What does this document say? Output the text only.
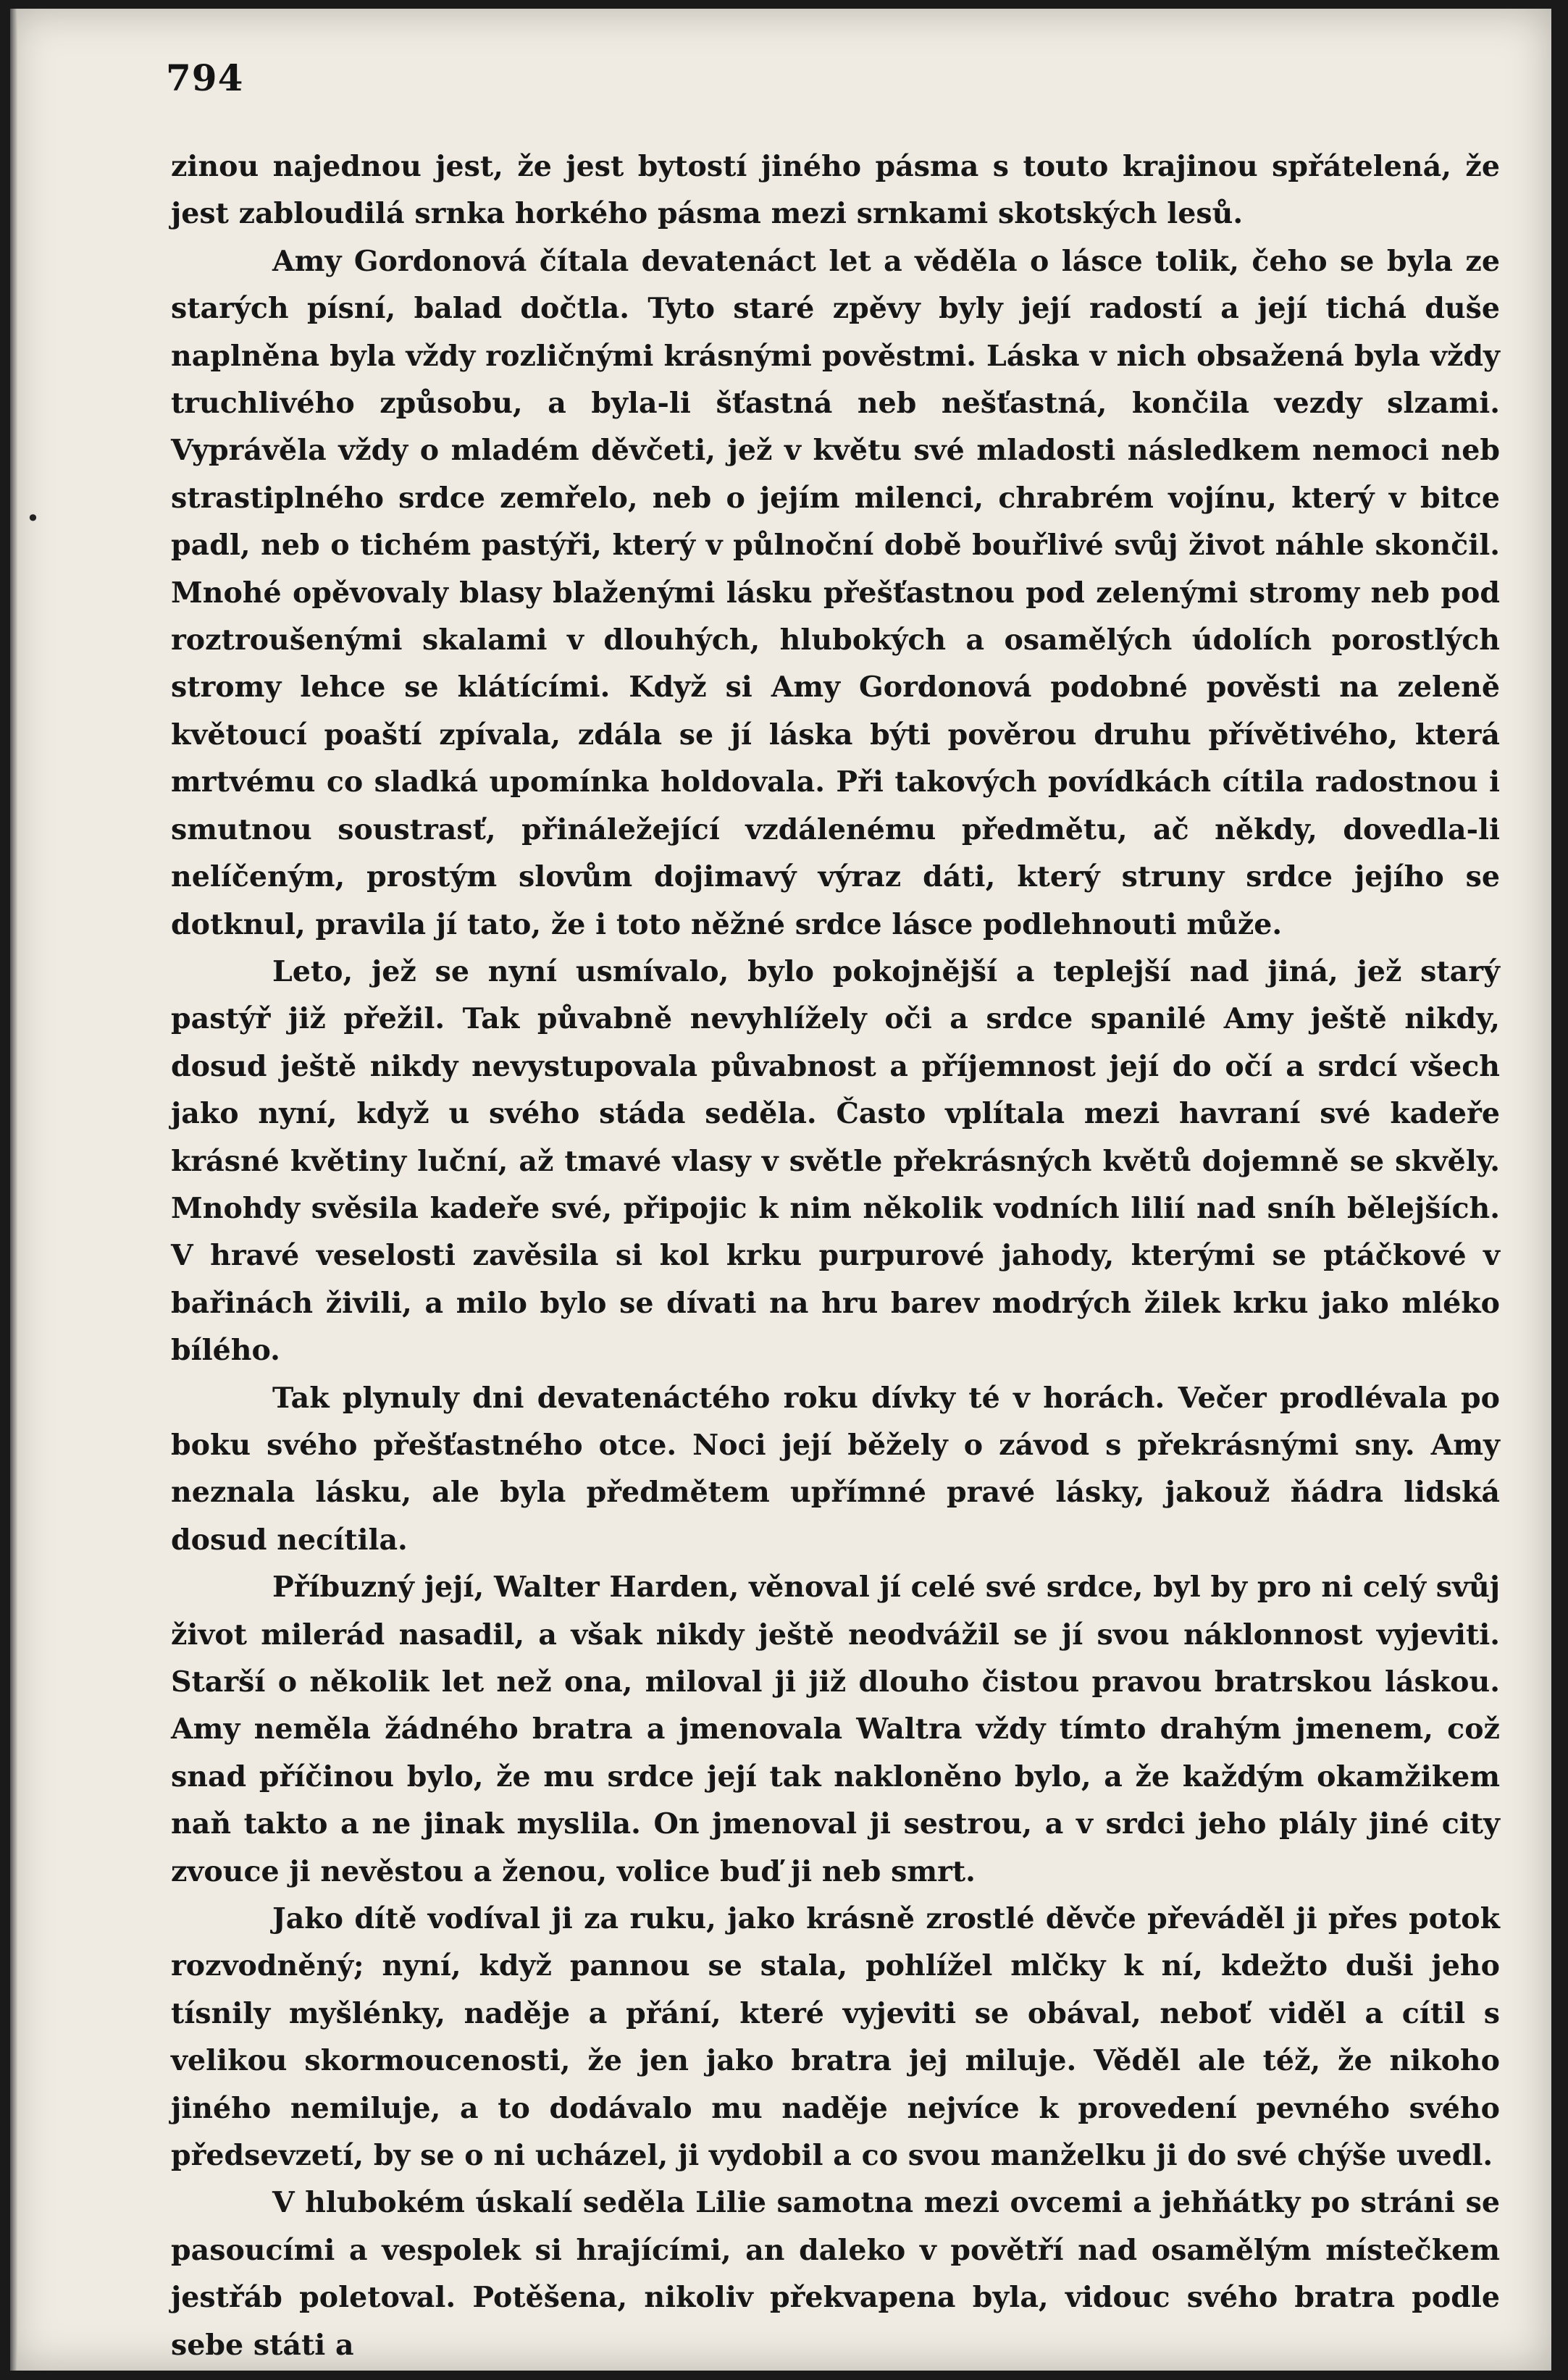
794
•

zinou najednou jest, že jest bytostí jiného pásma s touto krajinou spřátelená, že jest zabloudilá srnka horkého pásma mezi srnkami skotských lesů.

Amy Gordonová čítala devatenáct let a věděla o lásce tolik, čeho se byla ze starých písní, balad dočtla. Tyto staré zpěvy byly její radostí a její tichá duše naplněna byla vždy rozličnými krásnými pověstmi. Láska v nich obsažená byla vždy truchlivého způsobu, a byla-li šťastná neb nešťastná, končila vezdy slzami. Vyprávěla vždy o mladém děvčeti, jež v květu své mladosti následkem nemoci neb strastiplného srdce zemřelo, neb o jejím milenci, chrabrém vojínu, který v bitce padl, neb o tichém pastýři, který v půlnoční době bouřlivé svůj život náhle skončil. Mnohé opěvovaly blasy blaženými lásku přešťastnou pod zelenými stromy neb pod roztroušenými skalami v dlouhých, hlubokých a osamělých údolích porostlých stromy lehce se klátícími. Když si Amy Gordonová podobné pověsti na zeleně květoucí poaští zpívala, zdála se jí láska býti pověrou druhu přívětivého, která mrtvému co sladká upomínka holdovala. Při takových povídkách cítila radostnou i smutnou soustrasť, přináležející vzdálenému předmětu, ač někdy, dovedla-li nelíčeným, prostým slovům dojimavý výraz dáti, který struny srdce jejího se dotknul, pravila jí tato, že i toto něžné srdce lásce podlehnouti může.

Leto, jež se nyní usmívalo, bylo pokojnější a teplejší nad jiná, jež starý pastýř již přežil. Tak půvabně nevyhlížely oči a srdce spanilé Amy ještě nikdy, dosud ještě nikdy nevystupovala půvabnost a příjemnost její do očí a srdcí všech jako nyní, když u svého stáda seděla. Často vplítala mezi havraní své kadeře krásné květiny luční, až tmavé vlasy v světle překrásných květů dojemně se skvěly. Mnohdy svěsila kadeře své, připojic k nim několik vodních lilií nad sníh bělejších. V hravé veselosti zavěsila si kol krku purpurové jahody, kterými se ptáčkové v bařinách živili, a milo bylo se dívati na hru barev modrých žilek krku jako mléko bílého.

Tak plynuly dni devatenáctého roku dívky té v horách. Večer prodlévala po boku svého přešťastného otce. Noci její běžely o závod s překrásnými sny. Amy neznala lásku, ale byla předmětem upřímné pravé lásky, jakouž ňádra lidská dosud necítila.

Příbuzný její, Walter Harden, věnoval jí celé své srdce, byl by pro ni celý svůj život milerád nasadil, a však nikdy ještě neodvážil se jí svou náklonnost vyjeviti. Starší o několik let než ona, miloval ji již dlouho čistou pravou bratrskou láskou. Amy neměla žádného bratra a jmenovala Waltra vždy tímto drahým jmenem, což snad příčinou bylo, že mu srdce její tak nakloněno bylo, a že každým okamžikem naň takto a ne jinak myslila. On jmenoval ji sestrou, a v srdci jeho plály jiné city zvouce ji nevěstou a ženou, volice buď ji neb smrt.

Jako dítě vodíval ji za ruku, jako krásně zrostlé děvče převáděl ji přes potok rozvodněný; nyní, když pannou se stala, pohlížel mlčky k ní, kdežto duši jeho tísnily myšlénky, naděje a přání, které vyjeviti se obával, neboť viděl a cítil s velikou skormoucenosti, že jen jako bratra jej miluje. Věděl ale též, že nikoho jiného nemiluje, a to dodávalo mu naděje nejvíce k provedení pevného svého předsevzetí, by se o ni ucházel, ji vydobil a co svou manželku ji do své chýše uvedl.

V hlubokém úskalí seděla Lilie samotna mezi ovcemi a jehňátky po stráni se pasoucími a vespolek si hrajícími, an daleko v povětří nad osamělým místečkem jestřáb poletoval. Potěšena, nikoliv překvapena byla, vidouc svého bratra podle sebe státi a
